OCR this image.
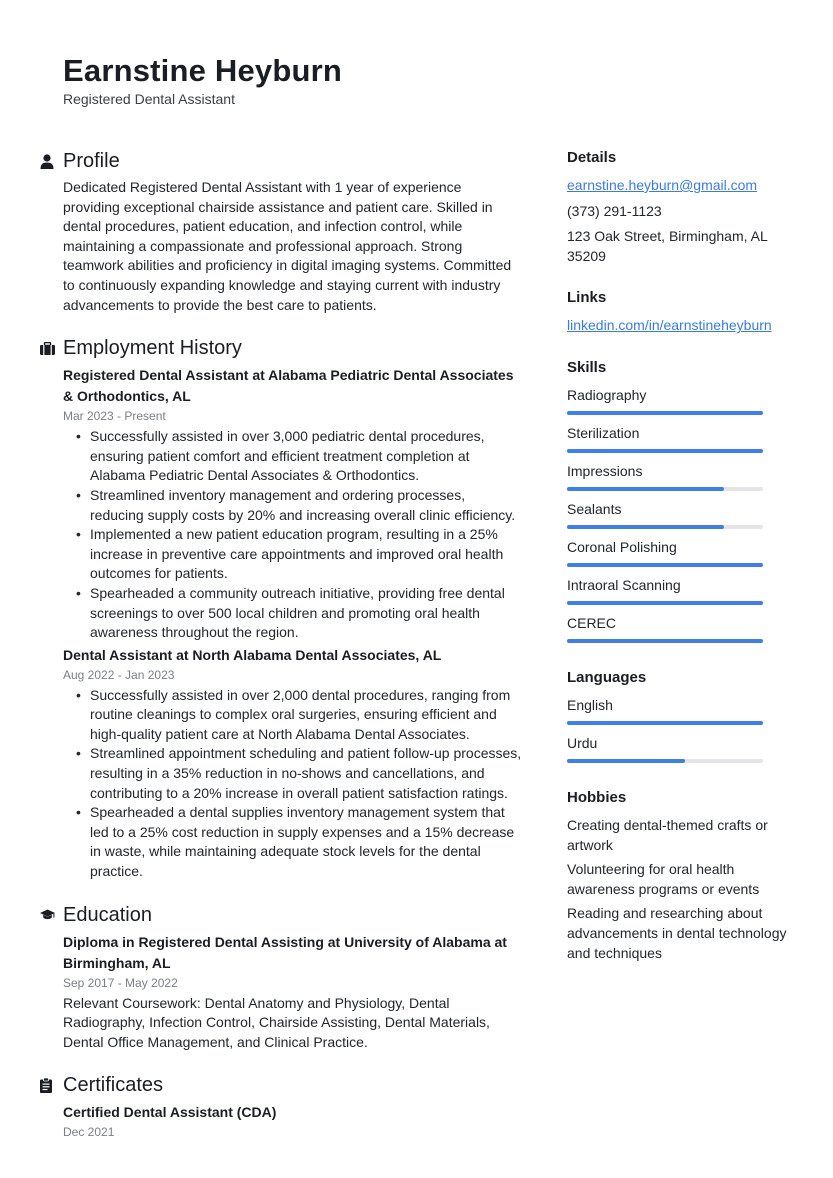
Earnstine Heyburn
Registered Dental Assistant
Profile

Dedicated Registered Dental Assistant with 1 year of experience providing exceptional chairside assistance and patient care. Skilled in dental procedures, patient education, and infection control, while maintaining a compassionate and professional approach. Strong teamwork abilities and proficiency in digital imaging systems. Committed to continuously expanding knowledge and staying current with industry advancements to provide the best care to patients.

Employment History
Registered Dental Assistant at Alabama Pediatric Dental Associates & Orthodontics, AL
Mar 2023 - Present
• Successfully assisted in over 3,000 pediatric dental procedures, ensuring patient comfort and efficient treatment completion at Alabama Pediatric Dental Associates & Orthodontics.
• Streamlined inventory management and ordering processes, reducing supply costs by 20% and increasing overall clinic efficiency.
• Implemented a new patient education program, resulting in a 25% increase in preventive care appointments and improved oral health outcomes for patients.
• Spearheaded a community outreach initiative, providing free dental screenings to over 500 local children and promoting oral health awareness throughout the region.
Dental Assistant at North Alabama Dental Associates, AL
Aug 2022 - Jan 2023
• Successfully assisted in over 2,000 dental procedures, ranging from routine cleanings to complex oral surgeries, ensuring efficient and high-quality patient care at North Alabama Dental Associates.
• Streamlined appointment scheduling and patient follow-up processes, resulting in a 35% reduction in no-shows and cancellations, and contributing to a 20% increase in overall patient satisfaction ratings.
• Spearheaded a dental supplies inventory management system that led to a 25% cost reduction in supply expenses and a 15% decrease in waste, while maintaining adequate stock levels for the dental practice.
Education
Diploma in Registered Dental Assisting at University of Alabama at Birmingham, AL
Sep 2017 - May 2022

Relevant Coursework: Dental Anatomy and Physiology, Dental Radiography, Infection Control, Chairside Assisting, Dental Materials, Dental Office Management, and Clinical Practice.

Certificates
Certified Dental Assistant (CDA)
Dec 2021
Details
earnstine.heyburn@gmail.com
(373) 291-1123
123 Oak Street, Birmingham, AL 35209
Links
linkedin.com/in/earnstineheyburn
Skills
Radiography
Sterilization
Impressions
Sealants
Coronal Polishing
Intraoral Scanning
CEREC
Languages
English
Urdu
Hobbies
Creating dental-themed crafts or artwork
Volunteering for oral health awareness programs or events
Reading and researching about advancements in dental technology and techniques
